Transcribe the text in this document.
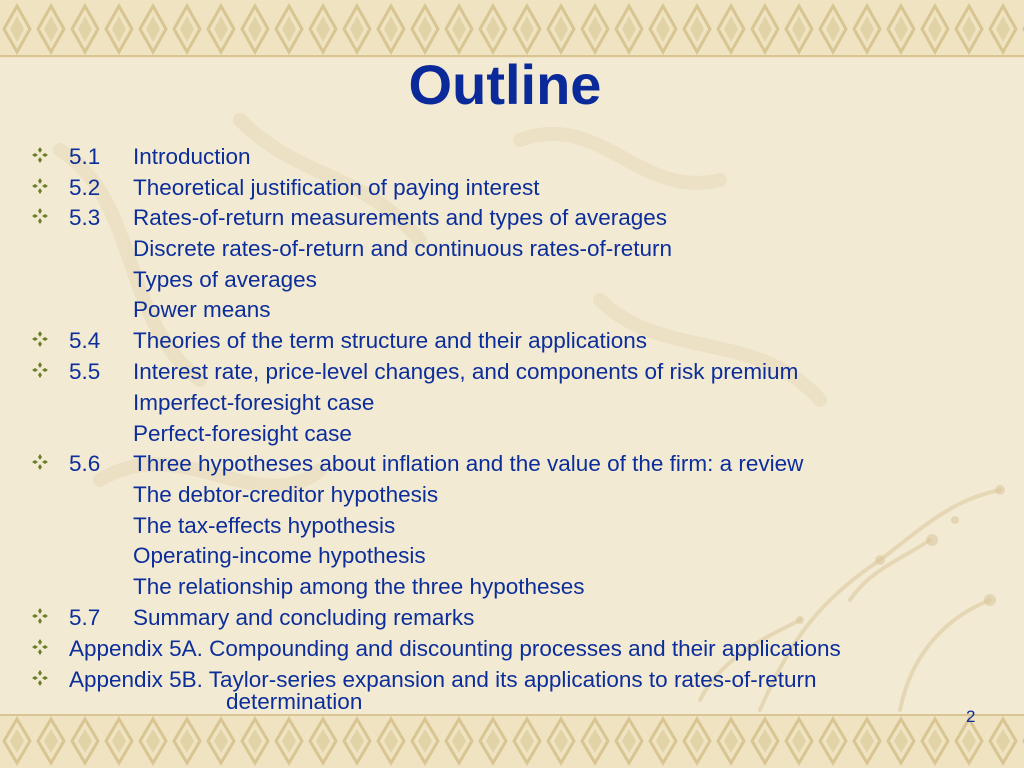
Outline
5.1 Introduction
5.2 Theoretical justification of paying interest
5.3 Rates-of-return measurements and types of averages
Discrete rates-of-return and continuous rates-of-return
Types of averages
Power means
5.4 Theories of the term structure and their applications
5.5 Interest rate, price-level changes, and components of risk premium
Imperfect-foresight case
Perfect-foresight case
5.6 Three hypotheses about inflation and the value of the firm: a review
The debtor-creditor hypothesis
The tax-effects hypothesis
Operating-income hypothesis
The relationship among the three hypotheses
5.7 Summary and concluding remarks
Appendix 5A. Compounding and discounting processes and their applications
Appendix 5B. Taylor-series expansion and its applications to rates-of-return
determination
2
